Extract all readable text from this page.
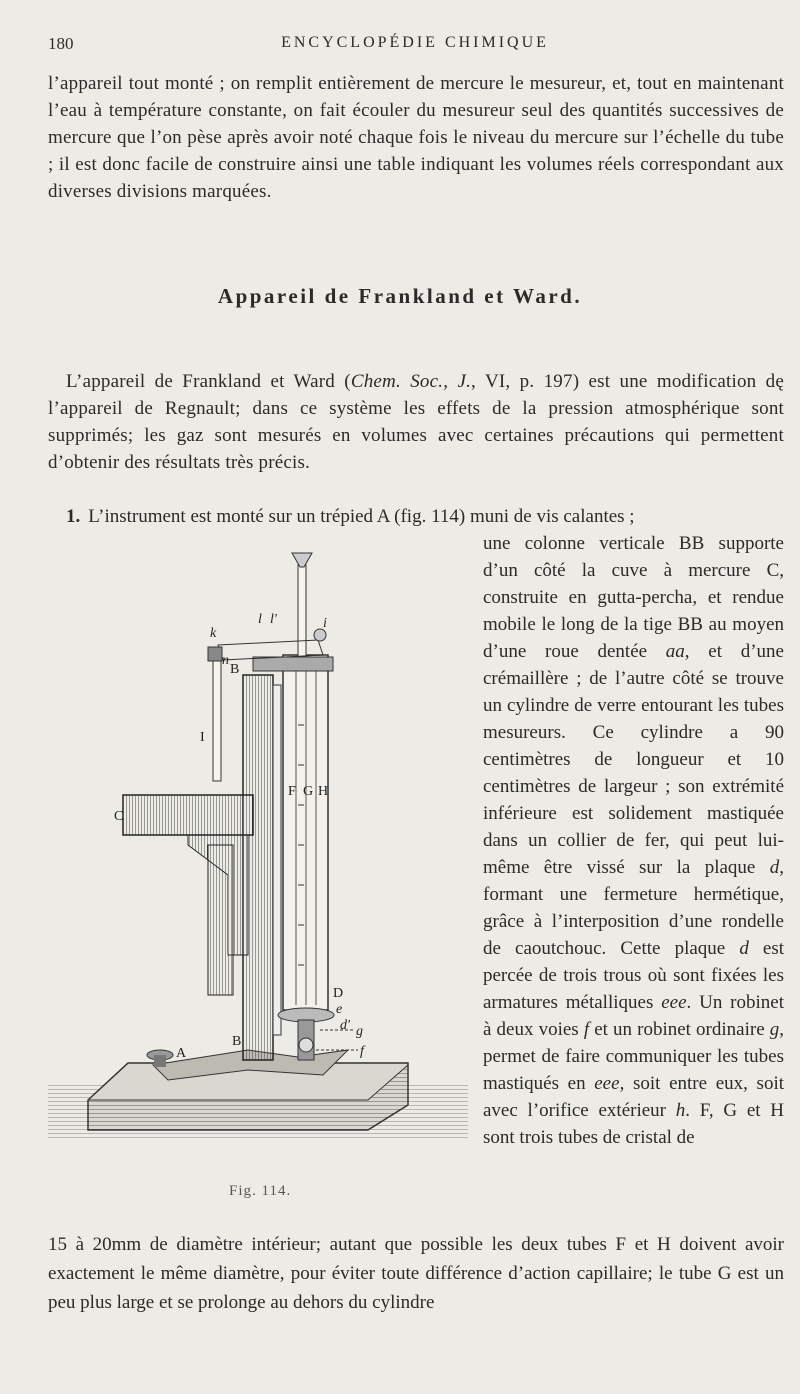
180	ENCYCLOPÉDIE CHIMIQUE

l’appareil tout monté ; on remplit entièrement de mercure le mesureur, et, tout en maintenant l’eau à température constante, on fait écouler du mesureur seul des quantités successives de mercure que l’on pèse après avoir noté chaque fois le niveau du mercure sur l’échelle du tube ; il est donc facile de construire ainsi une table indiquant les volumes réels correspondant aux diverses divisions marquées.

Appareil de Frankland et Ward.

L’appareil de Frankland et Ward (Chem. Soc., J., VI, p. 197) est une modification dę l’appareil de Regnault; dans ce système les effets de la pression atmosphérique sont supprimés; les gaz sont mesurés en volumes avec certaines précautions qui permettent d’obtenir des résultats très précis.

1. L’instrument est monté sur un trépied A (fig. 114) muni de vis calantes ;

une colonne verticale BB supporte d’un côté la cuve à mercure C, construite en gutta-percha, et rendue mobile le long de la tige BB au moyen d’une roue dentée aa, et d’une crémaillère ; de l’autre côté se trouve un cylindre de verre entourant les tubes mesureurs. Ce cylindre a 90 centimètres de longueur et 10 centimètres de largeur ; son extrémité inférieure est solidement mastiquée dans un collier de fer, qui peut lui-même être vissé sur la plaque d, formant une fermeture hermétique, grâce à l’interposition d’une rondelle de caoutchouc. Cette plaque d est percée de trois trous où sont fixées les armatures métalliques eee. Un robinet à deux voies f et un robinet ordinaire g, permet de faire communiquer les tubes mastiqués en eee, soit entre eux, soit avec l’orifice extérieur h. F, G et H sont trois tubes de cristal de

15 à 20mm de diamètre intérieur; autant que possible les deux tubes F et H doivent avoir exactement le même diamètre, pour éviter toute différence d’action capillaire; le tube G est un peu plus large et se prolonge au dehors du cylindre

k
l l′	i
n
B
I
C
F G H
D
e
d′ g
f
A
B
Fig. 114.
